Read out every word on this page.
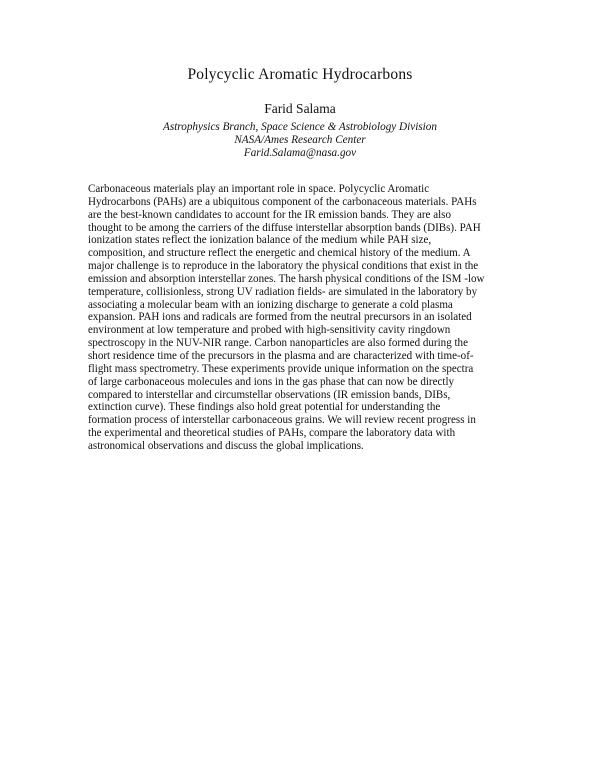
Polycyclic Aromatic Hydrocarbons
Farid Salama
Astrophysics Branch, Space Science & Astrobiology Division
NASA/Ames Research Center
Farid.Salama@nasa.gov
Carbonaceous materials play an important role in space. Polycyclic Aromatic
Hydrocarbons (PAHs) are a ubiquitous component of the carbonaceous materials. PAHs
are the best-known candidates to account for the IR emission bands. They are also
thought to be among the carriers of the diffuse interstellar absorption bands (DIBs). PAH
ionization states reflect the ionization balance of the medium while PAH size,
composition, and structure reflect the energetic and chemical history of the medium. A
major challenge is to reproduce in the laboratory the physical conditions that exist in the
emission and absorption interstellar zones. The harsh physical conditions of the ISM -low
temperature, collisionless, strong UV radiation fields- are simulated in the laboratory by
associating a molecular beam with an ionizing discharge to generate a cold plasma
expansion. PAH ions and radicals are formed from the neutral precursors in an isolated
environment at low temperature and probed with high-sensitivity cavity ringdown
spectroscopy in the NUV-NIR range. Carbon nanoparticles are also formed during the
short residence time of the precursors in the plasma and are characterized with time-of-
flight mass spectrometry. These experiments provide unique information on the spectra
of large carbonaceous molecules and ions in the gas phase that can now be directly
compared to interstellar and circumstellar observations (IR emission bands, DIBs,
extinction curve). These findings also hold great potential for understanding the
formation process of interstellar carbonaceous grains. We will review recent progress in
the experimental and theoretical studies of PAHs, compare the laboratory data with
astronomical observations and discuss the global implications.
